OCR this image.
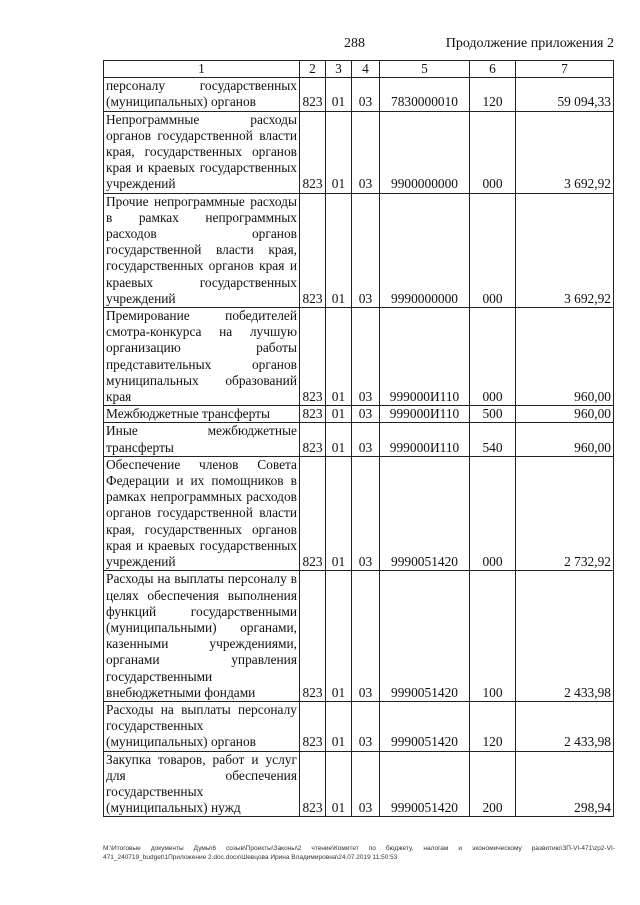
288	Продолжение приложения 2
1	2	3	4	5	6	7
персоналу государственных (муниципальных) органов	823	01	03	7830000010	120	59 094,33
Непрограммные расходы органов государственной власти края, государственных органов края и краевых государственных учреждений	823	01	03	9900000000	000	3 692,92
Прочие непрограммные расходы в рамках непрограммных расходов органов государственной власти края, государственных органов края и краевых государственных учреждений	823	01	03	9990000000	000	3 692,92
Премирование победителей смотра-конкурса на лучшую организацию работы представительных органов муниципальных образований края	823	01	03	999000И110	000	960,00
Межбюджетные трансферты	823	01	03	999000И110	500	960,00
Иные межбюджетные трансферты	823	01	03	999000И110	540	960,00
Обеспечение членов Совета Федерации и их помощников в рамках непрограммных расходов органов государственной власти края, государственных органов края и краевых государственных учреждений	823	01	03	9990051420	000	2 732,92
Расходы на выплаты персоналу в целях обеспечения выполнения функций государственными (муниципальными) органами, казенными учреждениями, органами управления государственными внебюджетными фондами	823	01	03	9990051420	100	2 433,98
Расходы на выплаты персоналу государственных (муниципальных) органов	823	01	03	9990051420	120	2 433,98
Закупка товаров, работ и услуг для обеспечения государственных (муниципальных) нужд	823	01	03	9990051420	200	298,94
М:\Итоговые документы Думы\6 созыв\Проекты\Законы\2 чтение\Комитет по бюджету, налогам и экономическому развитию\ЗП-VI-471\zp2-VI-471_240719_budget\1Приложение 2.doc.docx\Шевцова Ирина Владимировна\24.07.2019 11:50:53
